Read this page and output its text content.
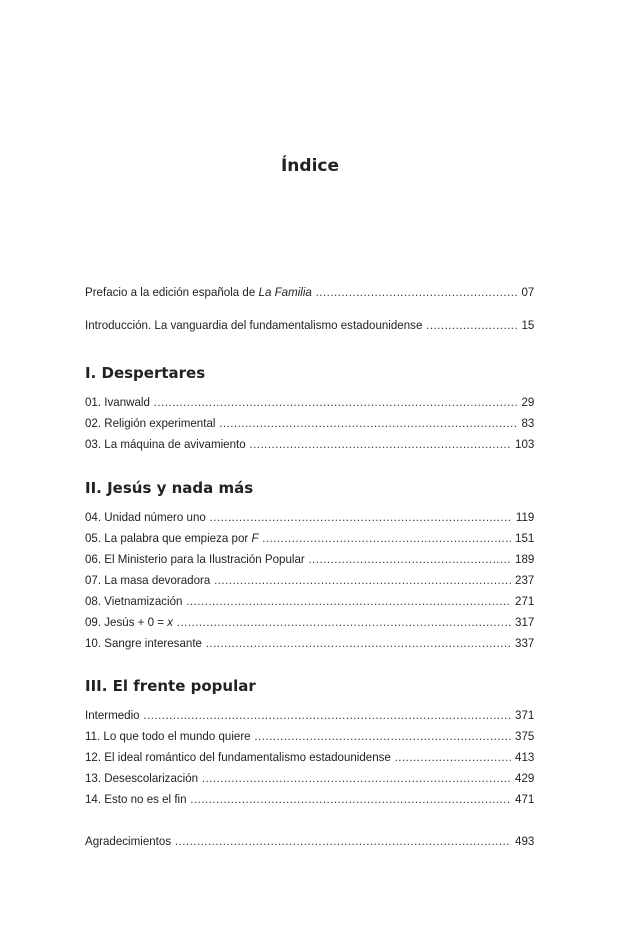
Índice
Prefacio a la edición española de La Familia .....	07
Introducción. La vanguardia del fundamentalismo estadounidense .....	15
I. Despertares
01. Ivanwald .....	29
02. Religión experimental .....	83
03. La máquina de avivamiento .....	103
II. Jesús y nada más
04. Unidad número uno .....	119
05. La palabra que empieza por F .....	151
06. El Ministerio para la Ilustración Popular .....	189
07. La masa devoradora .....	237
08. Vietnamización .....	271
09. Jesús + 0 = x .....	317
10. Sangre interesante .....	337
III. El frente popular
Intermedio .....	371
11. Lo que todo el mundo quiere .....	375
12. El ideal romántico del fundamentalismo estadounidense .....	413
13. Desescolarización .....	429
14. Esto no es el fin .....	471
Agradecimientos .....	493
